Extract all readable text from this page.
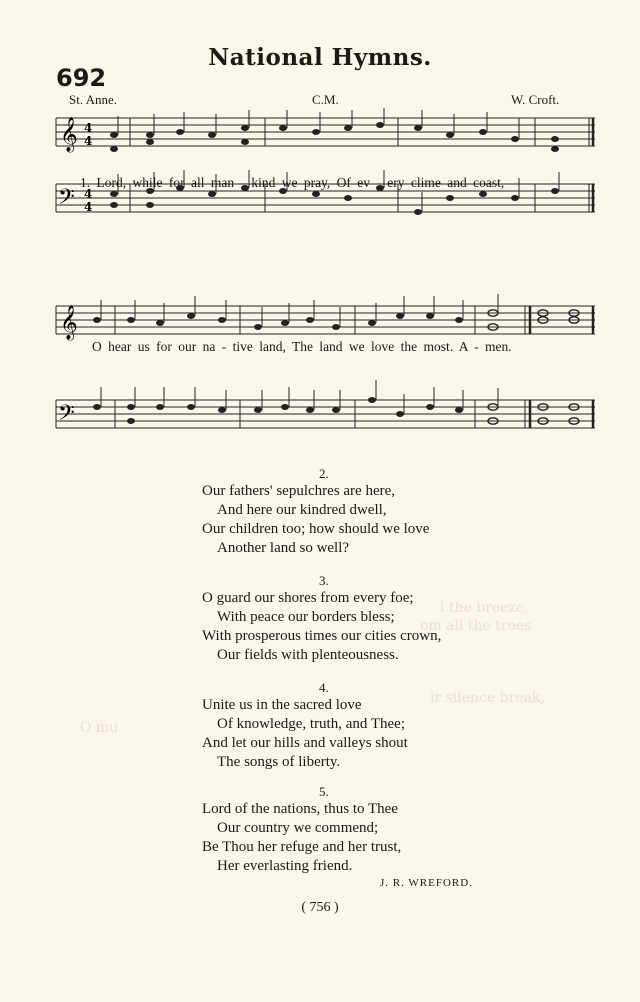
l the breeze,
om all the trees
ir silence break,
O mu
National Hymns.
692
St. Anne.	C.M.	W. Croft.
𝄞 4
4
𝄢 4
4
1. Lord, while for all man - kind we pray, Of ev - ery clime and coast,
𝄞
O hear us for our na - tive land, The land we love the most. A - men.
𝄢
2.
Our fathers' sepulchres are here,
And here our kindred dwell,
Our children too; how should we love
Another land so well?
3.
O guard our shores from every foe;
With peace our borders bless;
With prosperous times our cities crown,
Our fields with plenteousness.
4.
Unite us in the sacred love
Of knowledge, truth, and Thee;
And let our hills and valleys shout
The songs of liberty.
5.
Lord of the nations, thus to Thee
Our country we commend;
Be Thou her refuge and her trust,
Her everlasting friend.
J. R. WREFORD.
( 756 )
